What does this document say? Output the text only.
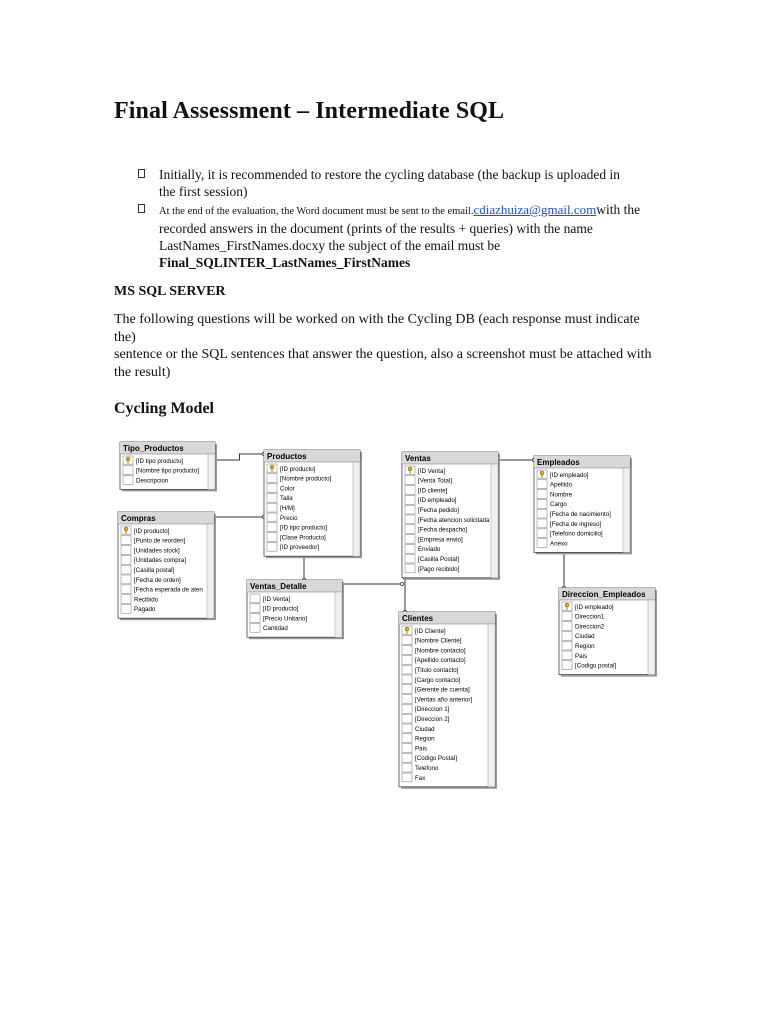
Final Assessment – Intermediate SQL
Initially, it is recommended to restore the cycling database (the backup is uploaded in
the first session)
At the end of the evaluation, the Word document must be sent to the email.cdiazhuiza@gmail.comwith the
recorded answers in the document (prints of the results + queries) with the name
LastNames_FirstNames.docxy the subject of the email must be
Final_SQLINTER_LastNames_FirstNames
MS SQL SERVER

The following questions will be worked on with the Cycling DB (each response must indicate the)
sentence or the SQL sentences that answer the question, also a screenshot must be attached with
the result)

Cycling Model
Tipo_Productos
[ID tipo producto]
[Nombre tipo producto]
Descripcion
Productos
[ID producto]
[Nombre producto]
Color
Talla
[H/M]
Precio
[ID tipo producto]
[Clase Producto]
[ID proveedor]
Compras
[ID producto]
[Punto de reorden]
[Unidades stock]
[Unidades compra]
[Casilla postal]
[Fecha de orden]
[Fecha esperada de aten
Recibido
Pagado
Ventas_Detalle
[ID Venta]
[ID producto]
[Precio Unitario]
Cantidad
Ventas
[ID Venta]
[Venta Total]
[ID cliente]
[ID empleado]
[Fecha pedido]
[Fecha atencion solicitada
[Fecha despacho]
[Empresa envio]
Enviado
[Casilla Postal]
[Pago recibido]
Empleados
[ID empleado]
Apellido
Nombre
Cargo
[Fecha de nacimiento]
[Fecha de ingreso]
[Telefono domicilio]
Anexo
Direccion_Empleados
[ID empleado]
Direccion1
Direccion2
Ciudad
Region
Pais
[Codigo postal]
Clientes
[ID Cliente]
[Nombre Cliente]
[Nombre contacto]
[Apellido contacto]
[Titulo contacto]
[Cargo contacto]
[Gerente de cuenta]
[Ventas año anterior]
[Direccion 1]
[Direccion 2]
Ciudad
Region
Pais
[Codigo Postal]
Telefono
Fax
